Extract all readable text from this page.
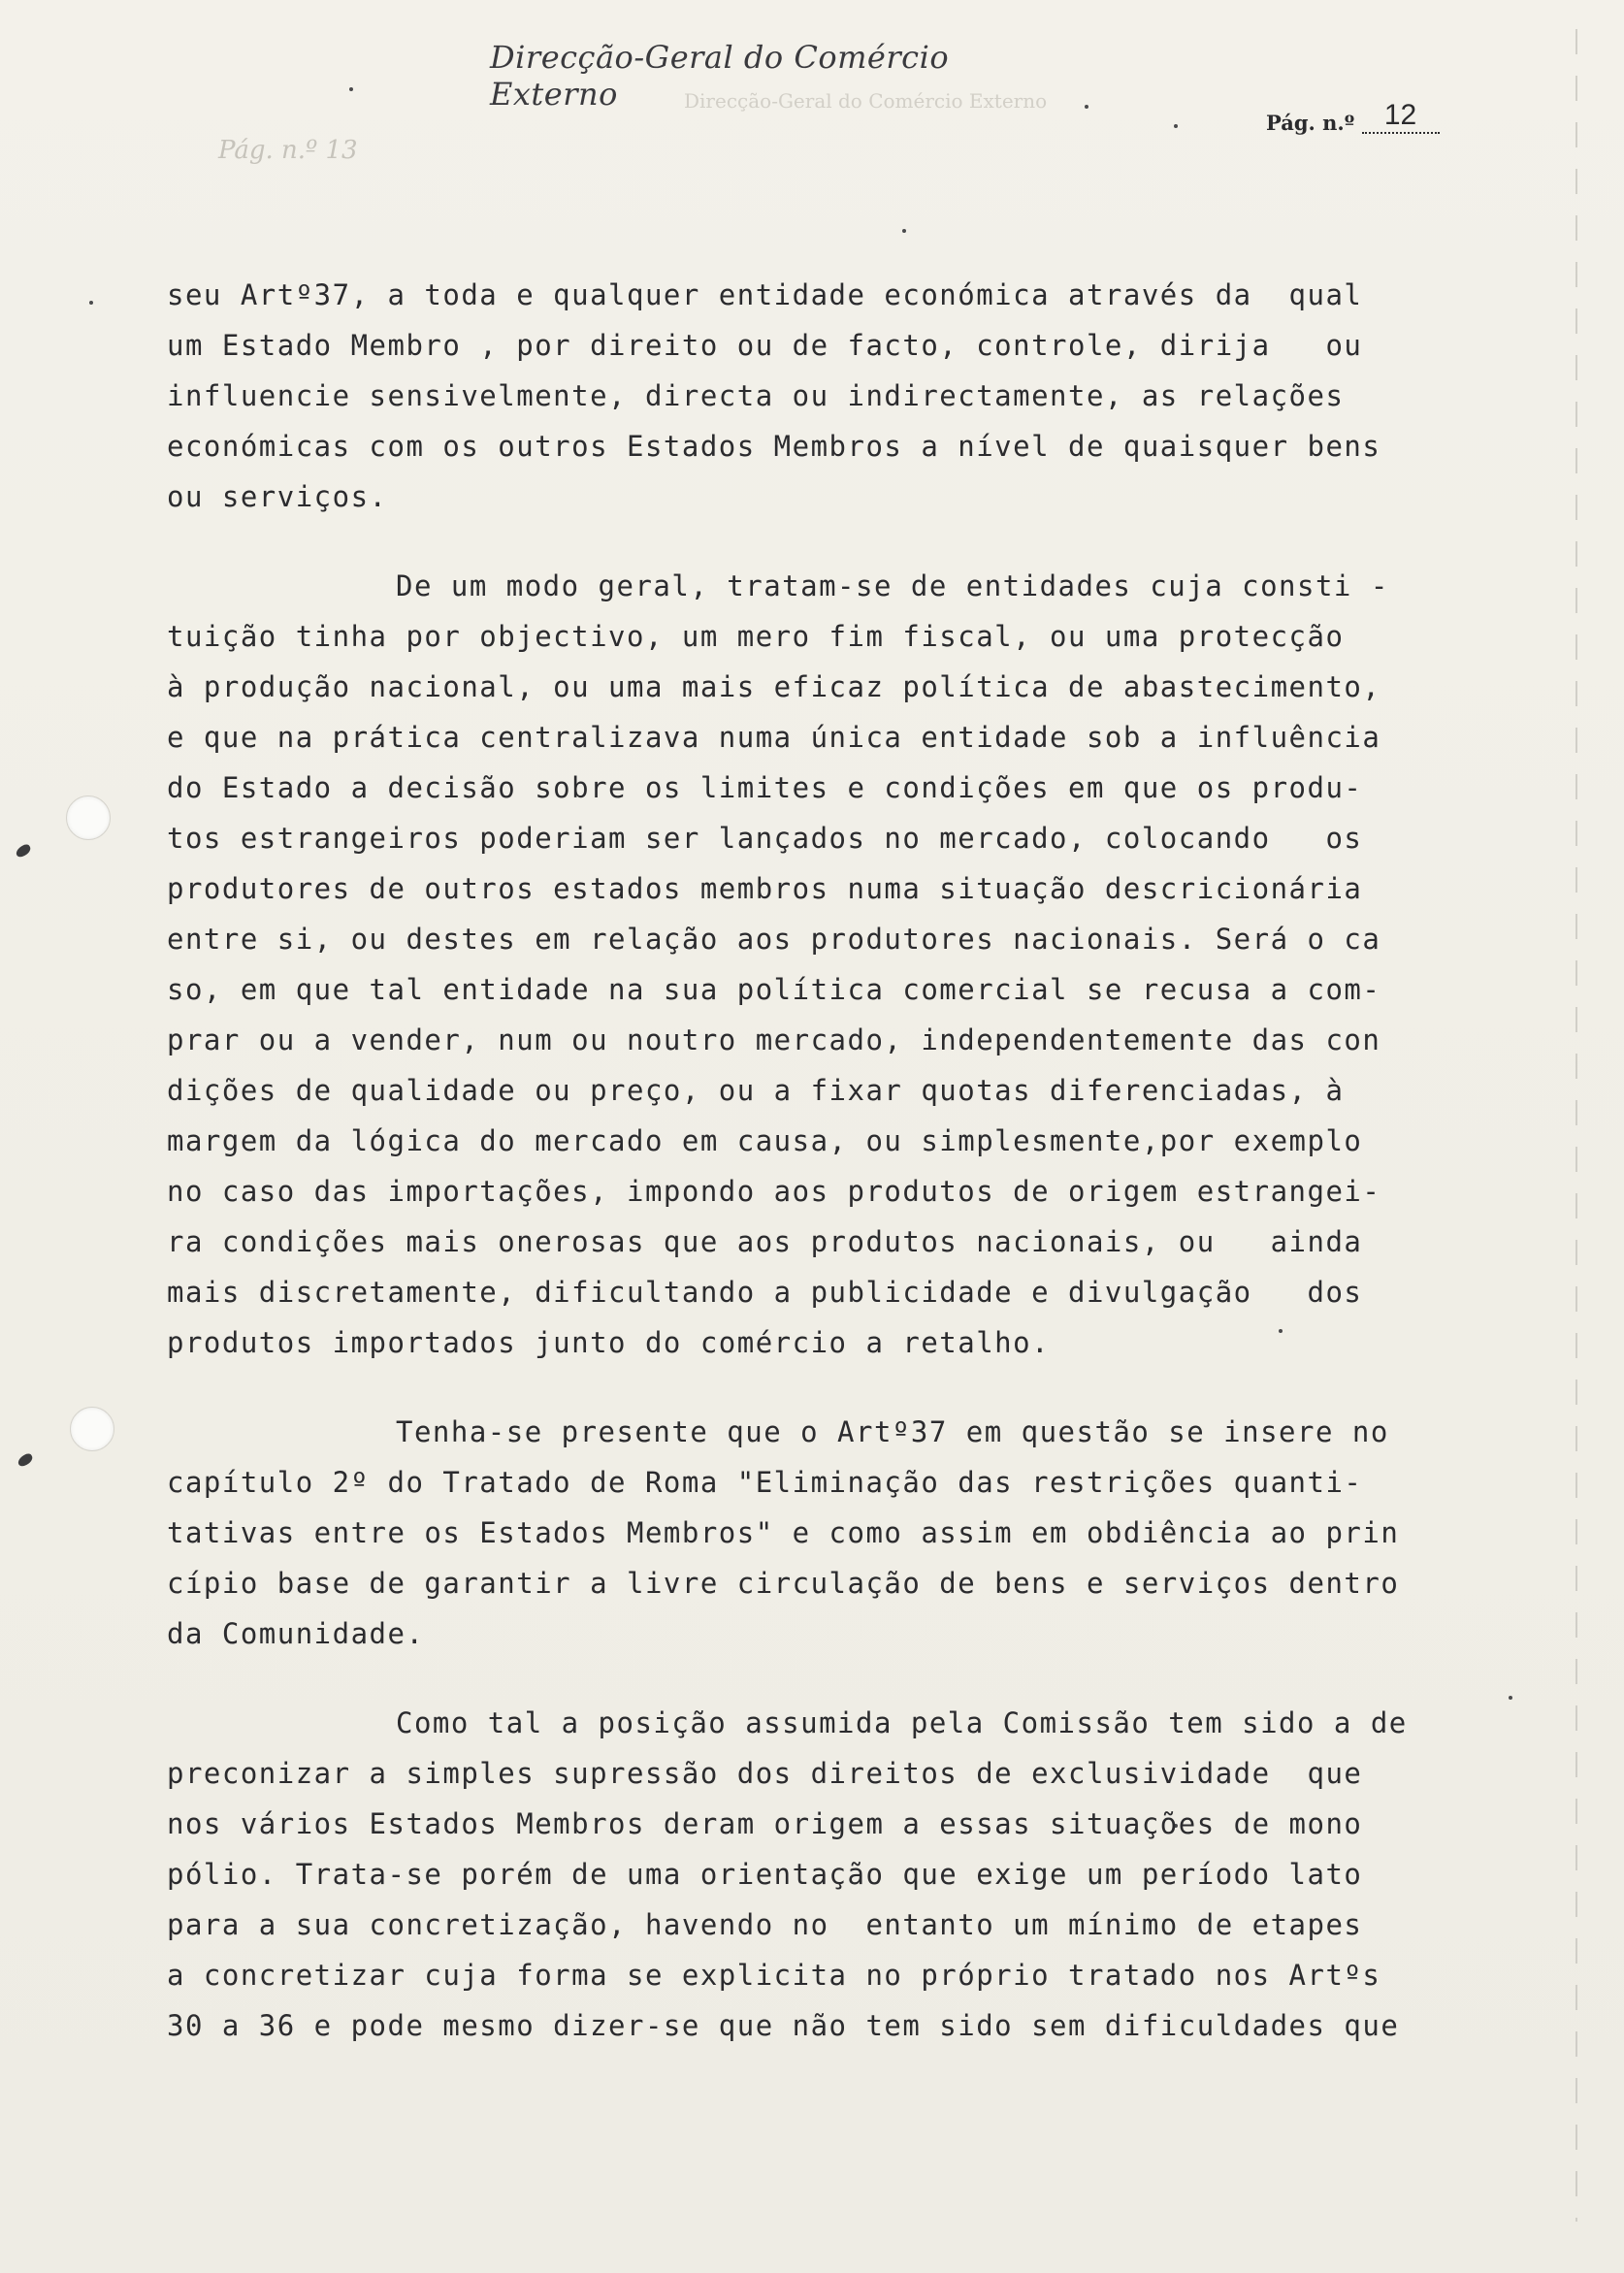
Direcção-Geral do Comércio Externo
Pág. n.º 13
Direcção-Geral do Comércio Externo
Pág. n.º 12
seu Artº37, a toda e qualquer entidade económica através da  qual
um Estado Membro , por direito ou de facto, controle, dirija   ou
influencie sensivelmente, directa ou indirectamente, as relações
económicas com os outros Estados Membros a nível de quaisquer bens
ou serviços.
De um modo geral, tratam-se de entidades cuja consti -
tuição tinha por objectivo, um mero fim fiscal, ou uma protecção
à produção nacional, ou uma mais eficaz política de abastecimento,
e que na prática centralizava numa única entidade sob a influência
do Estado a decisão sobre os limites e condições em que os produ-
tos estrangeiros poderiam ser lançados no mercado, colocando   os
produtores de outros estados membros numa situação descricionária
entre si, ou destes em relação aos produtores nacionais. Será o ca
so, em que tal entidade na sua política comercial se recusa a com-
prar ou a vender, num ou noutro mercado, independentemente das con
dições de qualidade ou preço, ou a fixar quotas diferenciadas, à
margem da lógica do mercado em causa, ou simplesmente,por exemplo
no caso das importações, impondo aos produtos de origem estrangei-
ra condições mais onerosas que aos produtos nacionais, ou   ainda
mais discretamente, dificultando a publicidade e divulgação   dos
produtos importados junto do comércio a retalho.
Tenha-se presente que o Artº37 em questão se insere no
capítulo 2º do Tratado de Roma "Eliminação das restrições quanti-
tativas entre os Estados Membros" e como assim em obdiência ao prin
cípio base de garantir a livre circulação de bens e serviços dentro
da Comunidade.
Como tal a posição assumida pela Comissão tem sido a de
preconizar a simples supressão dos direitos de exclusividade  que
nos vários Estados Membros deram origem a essas situações de mono
pólio. Trata-se porém de uma orientação que exige um período lato
para a sua concretização, havendo no  entanto um mínimo de etapes
a concretizar cuja forma se explicita no próprio tratado nos Artºs
30 a 36 e pode mesmo dizer-se que não tem sido sem dificuldades que
